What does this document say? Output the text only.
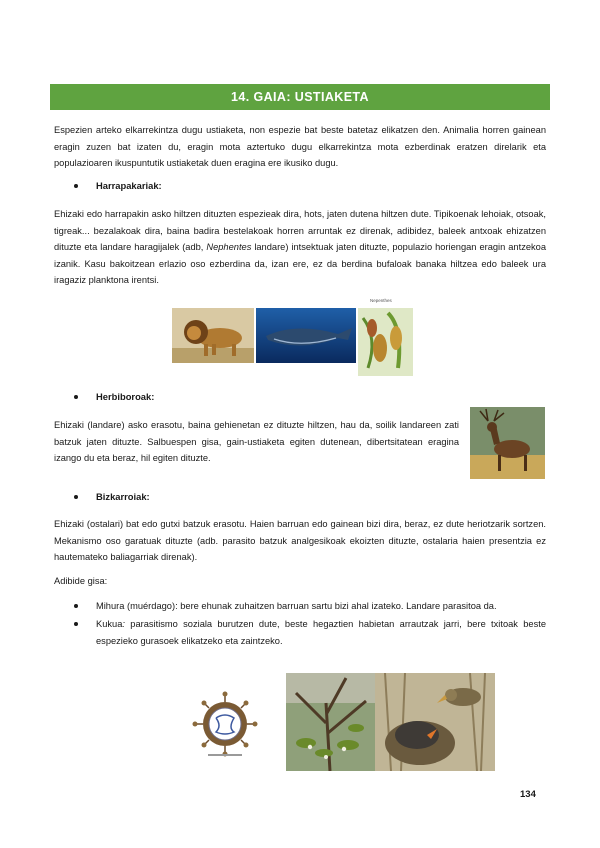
14. GAIA: USTIAKETA

Espezien arteko elkarrekintza dugu ustiaketa, non espezie bat beste batetaz elikatzen den. Animalia horren gainean eragin zuzen bat izaten du, eragin mota aztertuko dugu elkarrekintza mota ezberdinak eratzen direlarik eta populazioaren ikuspuntutik ustiaketak duen eragina ere ikusiko dugu.

Harrapakariak:

Ehizaki edo harrapakin asko hiltzen dituzten espezieak dira, hots, jaten dutena hiltzen dute. Tipikoenak lehoiak, otsoak, tigreak... bezalakoak dira, baina badira bestelakoak horren arruntak ez direnak, adibidez, baleek antxoak ehizatzen dituzte eta landare haragijalek (adb, Nephentes landare) intsektuak jaten dituzte, populazio horiengan eragin antzekoa izanik. Kasu bakoitzean erlazio oso ezberdina da, izan ere, ez da berdina bufaloak banaka hiltzea edo baleek ura iragaziz planktona irentsi.

Nepenthes
Herbiboroak:

Ehizaki (landare) asko erasotu, baina gehienetan ez dituzte hiltzen, hau da, soilik landareen zati batzuk jaten dituzte. Salbuespen gisa, gain-ustiaketa egiten dutenean, dibertsitatean eragina izango du eta beraz, hil egiten dituzte.

Bizkarroiak:

Ehizaki (ostalari) bat edo gutxi batzuk erasotu. Haien barruan edo gainean bizi dira, beraz, ez dute heriotzarik sortzen. Mekanismo oso garatuak dituzte (adb. parasito batzuk analgesikoak ekoizten dituzte, ostalaria haien presentzia ez hautemateko baliagarriak direnak).

Adibide gisa:

Mihura (muérdago): bere ehunak zuhaitzen barruan sartu bizi ahal izateko. Landare parasitoa da.
Kukua: parasitismo soziala burutzen dute, beste hegaztien habietan arrautzak jarri, bere txitoak beste espezieko gurasoek elikatzeko eta zaintzeko.
134
